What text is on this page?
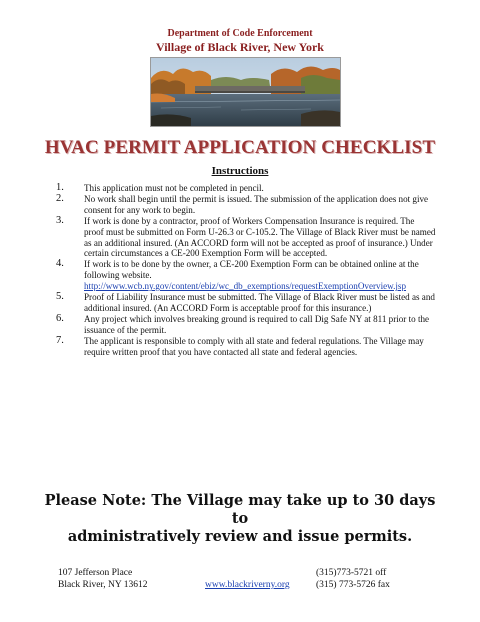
Department of Code Enforcement
Village of Black River, New York
HVAC PERMIT APPLICATION CHECKLIST
Instructions
1.	This application must not be completed in pencil.
2.	No work shall begin until the permit is issued. The submission of the application does not give consent for any work to begin.
3.	If work is done by a contractor, proof of Workers Compensation Insurance is required. The proof must be submitted on Form U-26.3 or C-105.2. The Village of Black River must be named as an additional insured. (An ACCORD form will not be accepted as proof of insurance.) Under certain circumstances a CE-200 Exemption Form will be accepted.
4.	If work is to be done by the owner, a CE-200 Exemption Form can be obtained online at the following website.
http://www.wcb.ny.gov/content/ebiz/wc_db_exemptions/requestExemptionOverview.jsp
5.	Proof of Liability Insurance must be submitted. The Village of Black River must be listed as and additional insured. (An ACCORD Form is acceptable proof for this insurance.)
6.	Any project which involves breaking ground is required to call Dig Safe NY at 811 prior to the issuance of the permit.
7.	The applicant is responsible to comply with all state and federal regulations. The Village may require written proof that you have contacted all state and federal agencies.
Please Note: The Village may take up to 30 days to
administratively review and issue permits.
107 Jefferson Place	(315)773-5721 off
Black River, NY 13612	www.blackriverny.org	(315) 773-5726 fax
